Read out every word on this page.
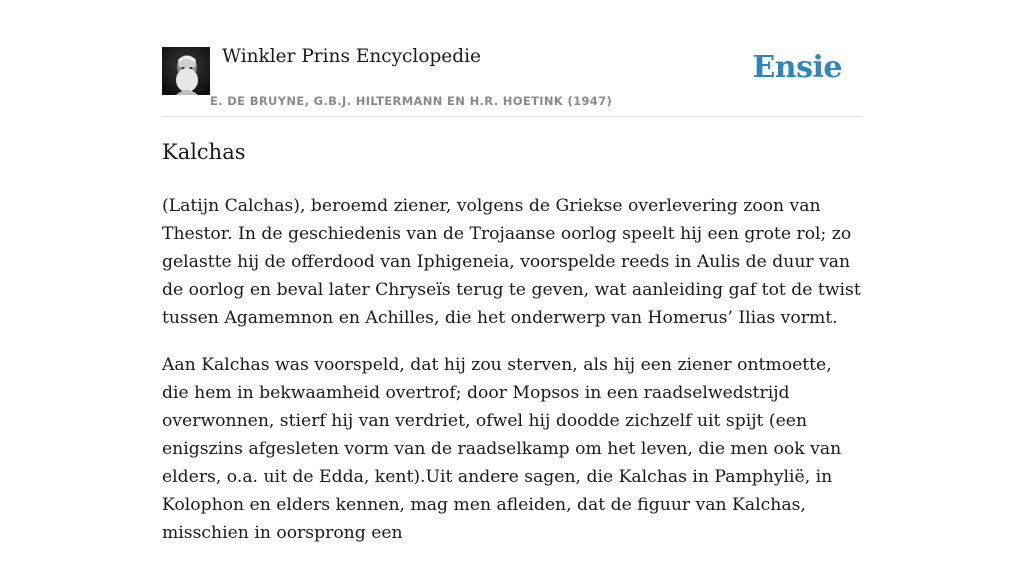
Winkler Prins Encyclopedie
E. DE BRUYNE, G.B.J. HILTERMANN EN H.R. HOETINK (1947)
Ensie
Kalchas

(Latijn Calchas), beroemd ziener, volgens de Griekse overlevering zoon van Thestor. In de geschiedenis van de Trojaanse oorlog speelt hij een grote rol; zo gelastte hij de offerdood van Iphigeneia, voorspelde reeds in Aulis de duur van de oorlog en beval later Chryseïs terug te geven, wat aanleiding gaf tot de twist tussen Agamemnon en Achilles, die het onderwerp van Homerus’ Ilias vormt.

Aan Kalchas was voorspeld, dat hij zou sterven, als hij een ziener ontmoette, die hem in bekwaamheid overtrof; door Mopsos in een raadselwedstrijd overwonnen, stierf hij van verdriet, ofwel hij doodde zichzelf uit spijt (een enigszins afgesleten vorm van de raadselkamp om het leven, die men ook van elders, o.a. uit de Edda, kent).Uit andere sagen, die Kalchas in Pamphylië, in Kolophon en elders kennen, mag men afleiden, dat de figuur van Kalchas, misschien in oorsprong een
